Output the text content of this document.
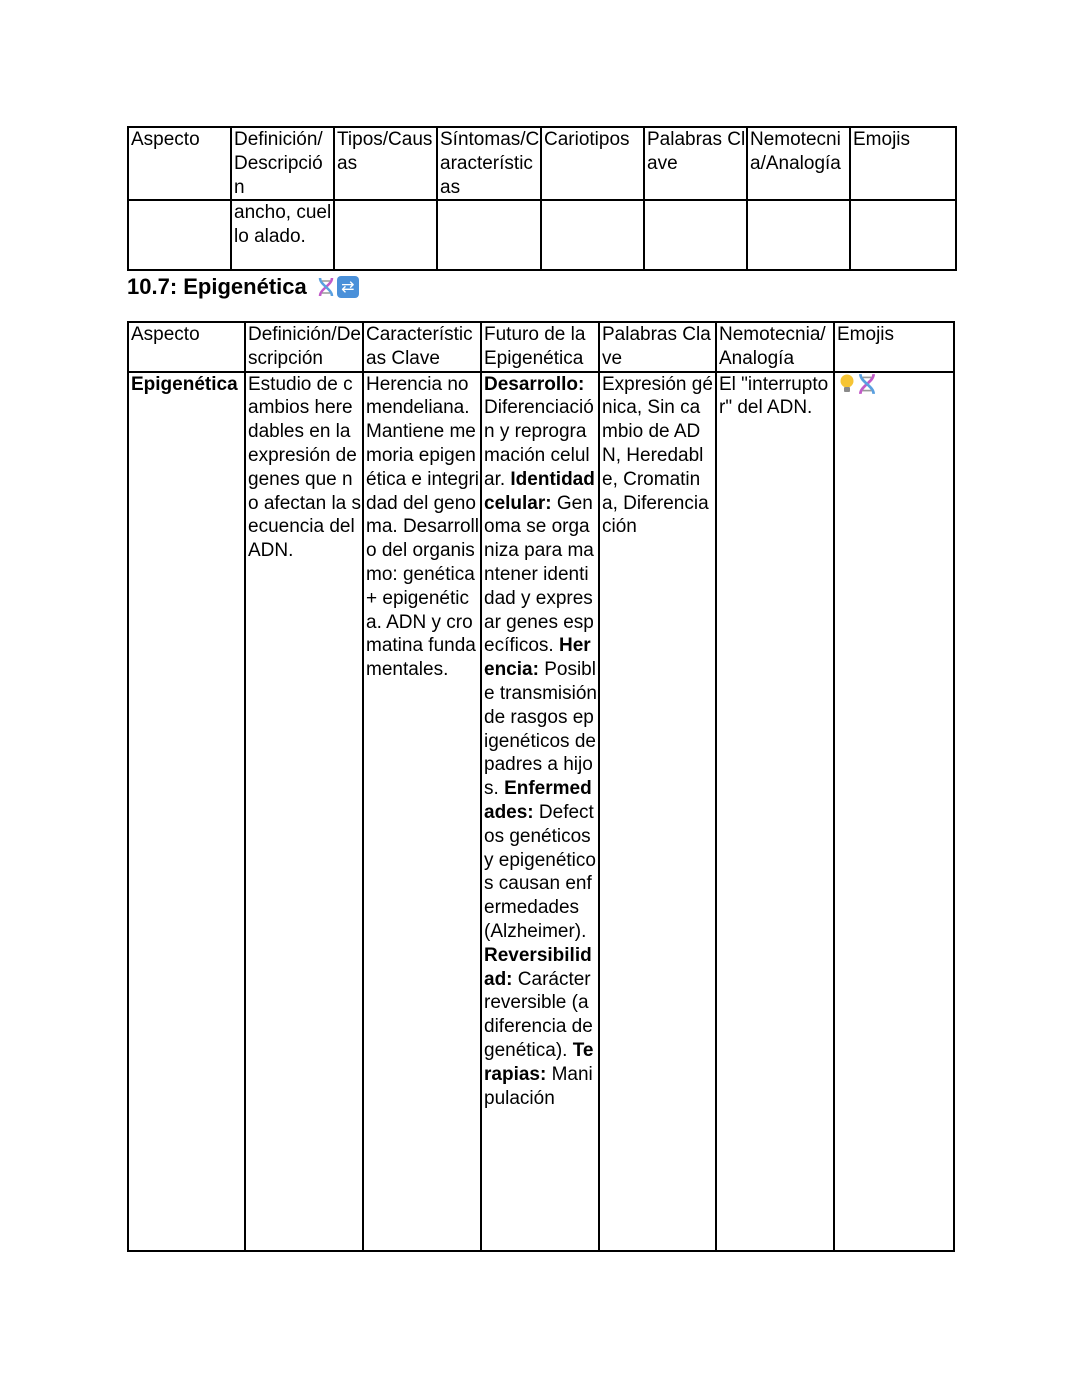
Aspecto	Definición/ Descripción	Tipos/Causas	Síntomas/Características	Cariotipos	Palabras Clave	Nemotecnia/Analogía	Emojis
	ancho, cuello alado.						
10.7: Epigenética
⇄
Aspecto	Definición/Descripción	Características Clave	Futuro de la Epigenética	Palabras Clave	Nemotecnia/ Analogía	Emojis
Epigenética	Estudio de cambios heredables en la expresión de genes que no afectan la secuencia del ADN.	Herencia no mendeliana. Mantiene memoria epigenética e integridad del genoma. Desarrollo del organismo: genética + epigenética. ADN y cromatina fundamentales.	Desarrollo: Diferenciación y reprogramación celular. Identidad celular: Genoma se organiza para mantener identidad y expresar genes específicos. Herencia: Posible transmisión de rasgos epigenéticos de padres a hijos. Enfermedades: Defectos genéticos y epigenéticos causan enfermedades (Alzheimer). Reversibilidad: Carácter reversible (a diferencia de genética). Terapias: Manipulación	Expresión génica, Sin cambio de ADN, Heredable, Cromatina, Diferenciación	El "interruptor" del ADN.	
